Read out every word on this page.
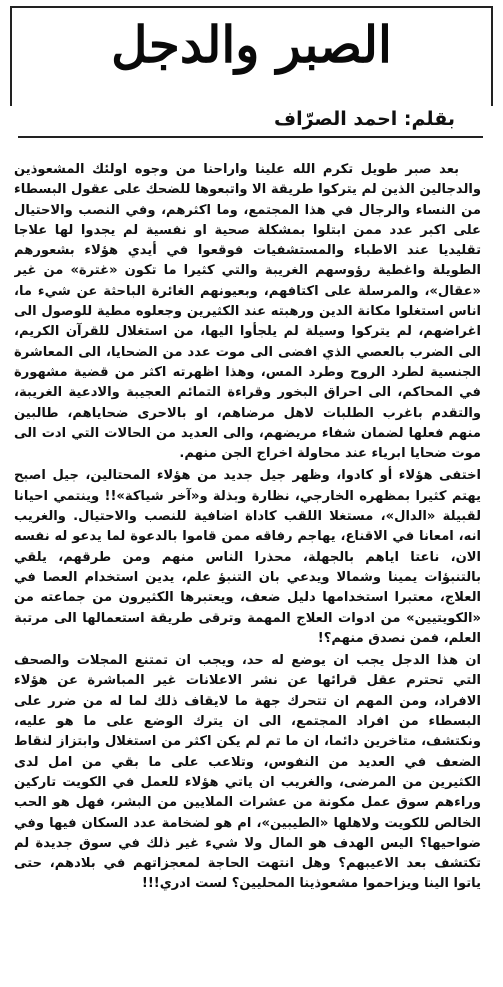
الصبر والدجل
بقلم: احمد الصرّاف

بعد صبر طويل تكرم الله علينا واراحنا من وجوه اولئك المشعوذين والدجالين الذين لم يتركوا طريقة الا واتبعوها للضحك على عقول البسطاء من النساء والرجال في هذا المجتمع، وما اكثرهم، وفي النصب والاحتيال على اكبر عدد ممن ابتلوا بمشكلة صحية او نفسية لم يجدوا لها علاجا تقليديا عند الاطباء والمستشفيات فوقعوا في أيدي هؤلاء بشعورهم الطويلة واغطية رؤوسهم الغريبة والتي كثيرا ما تكون «غترة» من غير «عقال»، والمرسلة على اكتافهم، وبعيونهم الغائرة الباحثة عن شيء ما، اناس استغلوا مكانة الدين ورهبته عند الكثيرين وجعلوه مطية للوصول الى اغراضهم، لم يتركوا وسيلة لم يلجأوا اليها، من استغلال للقرآن الكريم، الى الضرب بالعصي الذي افضى الى موت عدد من الضحايا، الى المعاشرة الجنسية لطرد الروح وطرد المس، وهذا اظهرته اكثر من قضية مشهورة في المحاكم، الى احراق البخور وقراءة التمائم العجيبة والادعية الغريبة، والتقدم باغرب الطلبات لاهل مرضاهم، او بالاحرى ضحاياهم، طالبين منهم فعلها لضمان شفاء مريضهم، والى العديد من الحالات التي ادت الى موت ضحايا ابرياء عند محاولة اخراج الجن منهم.

اختفى هؤلاء أو كادوا، وظهر جيل جديد من هؤلاء المحتالين، جيل اصبح يهتم كثيرا بمظهره الخارجي، نظارة وبذلة و«آخر شياكة»!! وينتمي احيانا لقبيلة «الدال»، مستغلا اللقب كاداة اضافية للنصب والاحتيال. والغريب انه، امعانا في الاقناع، يهاجم رفاقه ممن قاموا بالدعوة لما يدعو له نفسه الان، ناعتا اياهم بالجهلة، محذرا الناس منهم ومن طرقهم، يلقي بالتنبؤات يمينا وشمالا ويدعي بان التنبؤ علم، يدين استخدام العصا في العلاج، معتبرا استخدامها دليل ضعف، ويعتبرها الكثيرون من جماعته من «الكويتيين» من ادوات العلاج المهمة وترقى طريقة استعمالها الى مرتبة العلم، فمن نصدق منهم؟!

ان هذا الدجل يجب ان يوضع له حد، ويجب ان تمتنع المجلات والصحف التي تحترم عقل قرائها عن نشر الاعلانات غير المباشرة عن هؤلاء الافراد، ومن المهم ان تتحرك جهة ما لايقاف ذلك لما له من ضرر على البسطاء من افراد المجتمع، الى ان يترك الوضع على ما هو عليه، ونكتشف، متاخرين دائما، ان ما تم لم يكن اكثر من استغلال وابتزاز لنقاط الضعف في العديد من النفوس، وتلاعب على ما بقي من امل لدى الكثيرين من المرضى، والغريب ان ياتي هؤلاء للعمل في الكويت تاركين وراءهم سوق عمل مكونة من عشرات الملايين من البشر، فهل هو الحب الخالص للكويت ولاهلها «الطيبين»، ام هو لضخامة عدد السكان فيها وفي ضواحيها؟ اليس الهدف هو المال ولا شيء غير ذلك في سوق جديدة لم تكتشف بعد الاعيبهم؟ وهل انتهت الحاجة لمعجزاتهم في بلادهم، حتى ياتوا الينا ويزاحموا مشعوذينا المحليين؟ لست ادري!!!
